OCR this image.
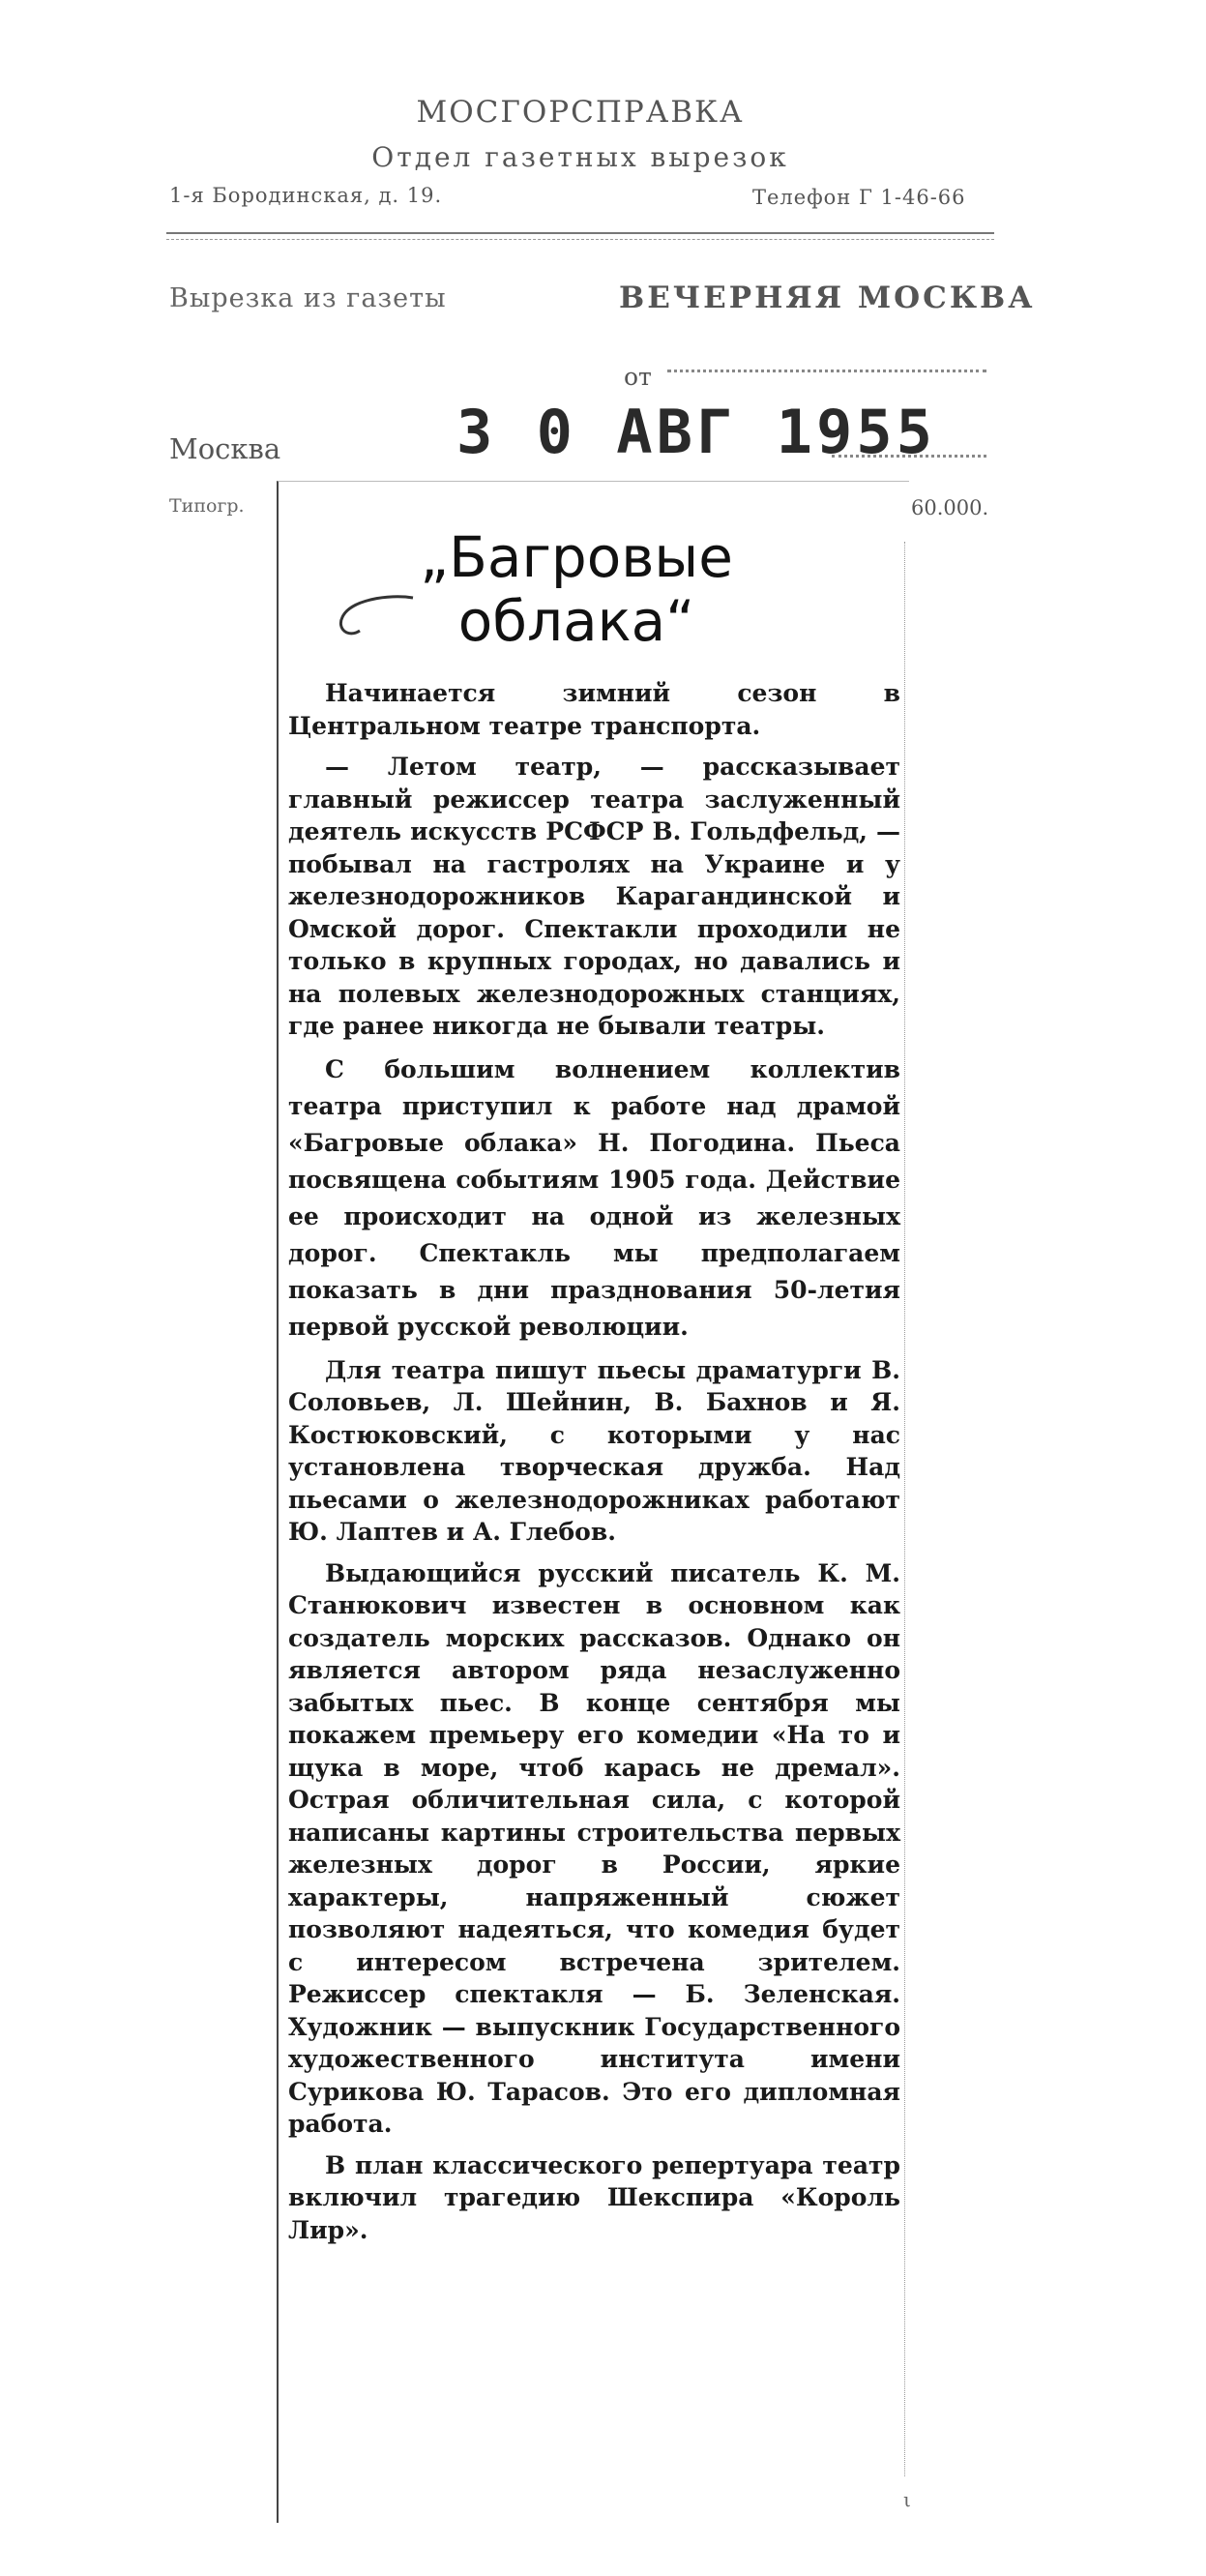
МОСГОРСПРАВКА
Отдел газетных вырезок
1-я Бородинская, д. 19.	Телефон Г 1-46-66
Вырезка из газеты	ВЕЧЕРНЯЯ МОСКВА
от
Москва	3 0 АВГ 1955
Типогр.	60.000.
„Багровые
облака“

Начинается зимний сезон в Центральном театре транспорта.

— Летом театр, — рассказывает главный режиссер театра заслуженный деятель искусств РСФСР В. Гольдфельд, — побывал на гастролях на Украине и у железнодорожников Карагандинской и Омской дорог. Спектакли проходили не только в крупных городах, но давались и на полевых железнодорожных станциях, где ранее никогда не бывали театры.

С большим волнением коллектив театра приступил к работе над драмой «Багровые облака» Н. Погодина. Пьеса посвящена событиям 1905 года. Действие ее происходит на одной из железных дорог. Спектакль мы предполагаем показать в дни празднования 50-летия первой русской революции.

Для театра пишут пьесы драматурги В. Соловьев, Л. Шейнин, В. Бахнов и Я. Костюковский, с которыми у нас установлена творческая дружба. Над пьесами о железнодорожниках работают Ю. Лаптев и А. Глебов.

Выдающийся русский писатель К. М. Станюкович известен в основном как создатель морских рассказов. Однако он является автором ряда незаслуженно забытых пьес. В конце сентября мы покажем премьеру его комедии «На то и щука в море, чтоб карась не дремал». Острая обличительная сила, с которой написаны картины строительства первых железных дорог в России, яркие характеры, напряженный сюжет позволяют надеяться, что комедия будет с интересом встречена зрителем. Режиссер спектакля — Б. Зеленская. Художник — выпускник Государственного художественного института имени Сурикова Ю. Тарасов. Это его дипломная работа.

В план классического репертуара театр включил трагедию Шекспира «Король Лир».

ι
